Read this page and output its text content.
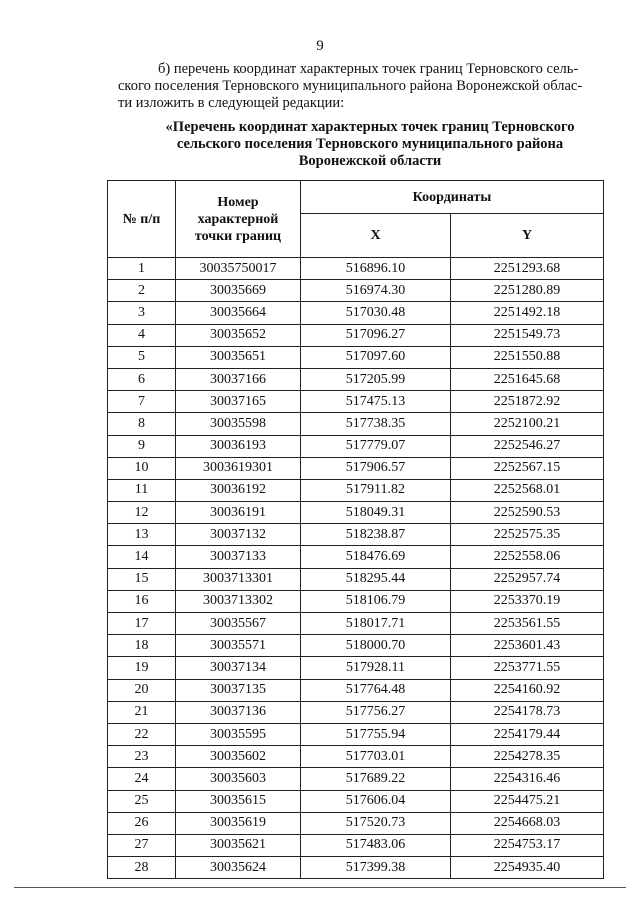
9
б) перечень координат характерных точек границ Терновского сель-
ского поселения Терновского муниципального района Воронежской облас-
ти изложить в следующей редакции:
«Перечень координат характерных точек границ Терновского
сельского поселения Терновского муниципального района
Воронежской области
№ п/п	Номер характерной точки границ	Координаты	
		X	Y
1	30035750017	516896.10	2251293.68
2	30035669	516974.30	2251280.89
3	30035664	517030.48	2251492.18
4	30035652	517096.27	2251549.73
5	30035651	517097.60	2251550.88
6	30037166	517205.99	2251645.68
7	30037165	517475.13	2251872.92
8	30035598	517738.35	2252100.21
9	30036193	517779.07	2252546.27
10	3003619301	517906.57	2252567.15
11	30036192	517911.82	2252568.01
12	30036191	518049.31	2252590.53
13	30037132	518238.87	2252575.35
14	30037133	518476.69	2252558.06
15	3003713301	518295.44	2252957.74
16	3003713302	518106.79	2253370.19
17	30035567	518017.71	2253561.55
18	30035571	518000.70	2253601.43
19	30037134	517928.11	2253771.55
20	30037135	517764.48	2254160.92
21	30037136	517756.27	2254178.73
22	30035595	517755.94	2254179.44
23	30035602	517703.01	2254278.35
24	30035603	517689.22	2254316.46
25	30035615	517606.04	2254475.21
26	30035619	517520.73	2254668.03
27	30035621	517483.06	2254753.17
28	30035624	517399.38	2254935.40
